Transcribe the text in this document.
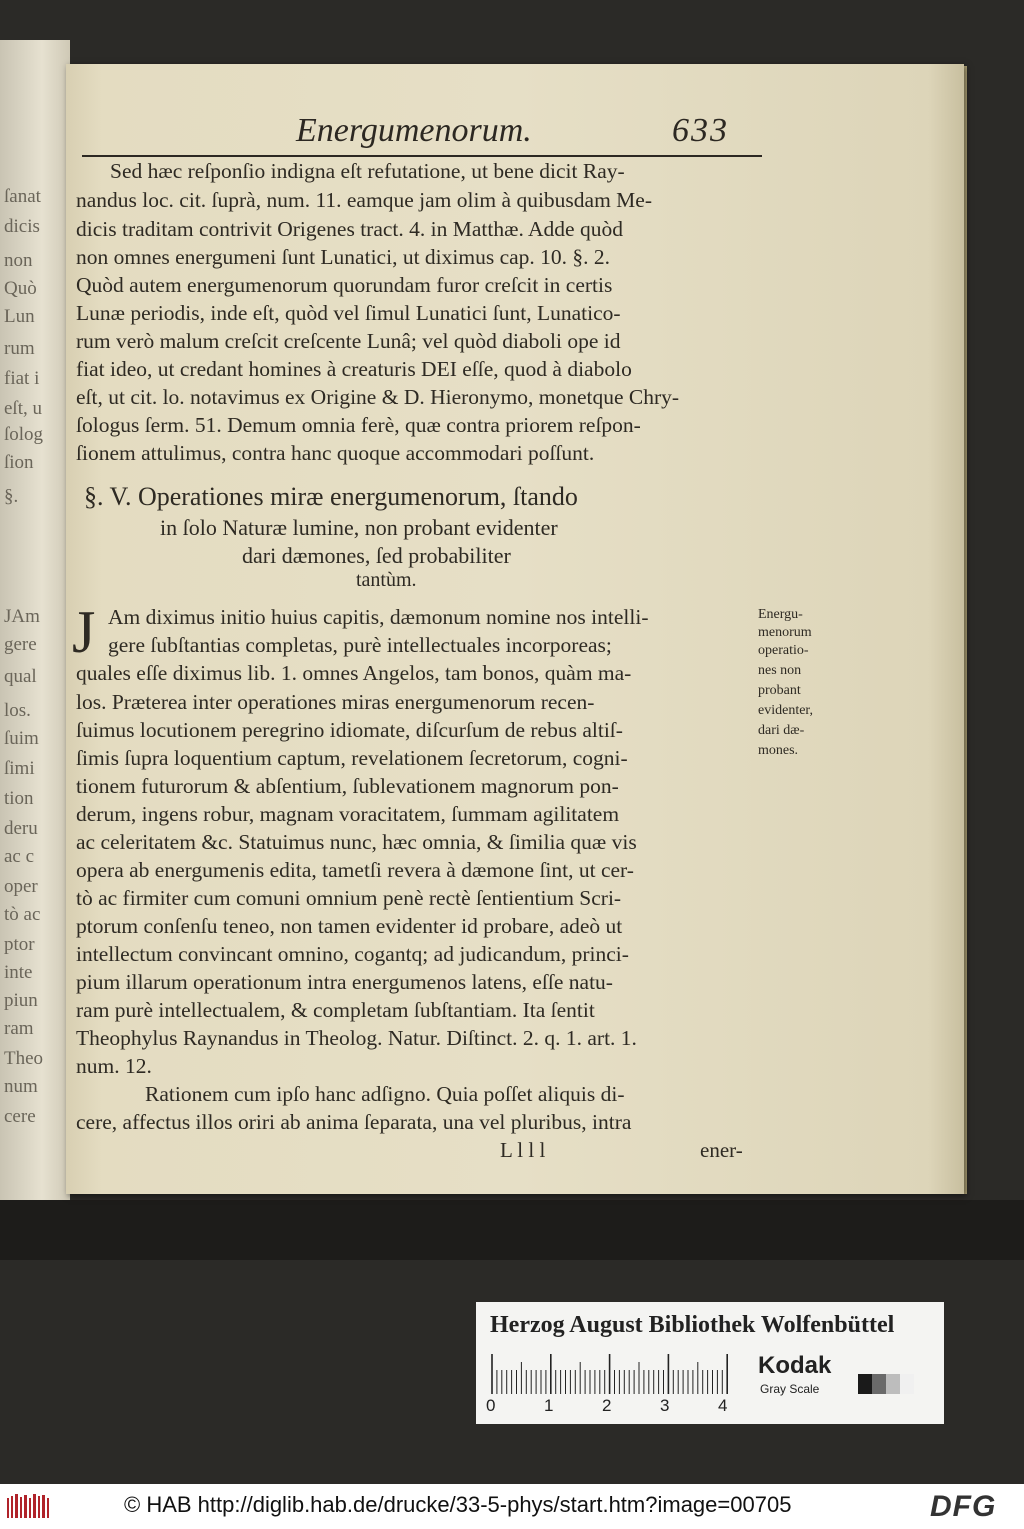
Energumenorum.	633
Sed hæc reſponſio indigna eſt refutatione, ut bene dicit Ray-
nandus loc. cit. ſuprà, num. 11. eamque jam olim à quibusdam Me-
dicis traditam contrivit Origenes tract. 4. in Matthæ. Adde quòd
non omnes energumeni ſunt Lunatici, ut diximus cap. 10. §. 2.
Quòd autem energumenorum quorundam furor creſcit in certis
Lunæ periodis, inde eſt, quòd vel ſimul Lunatici ſunt, Lunatico-
rum verò malum creſcit creſcente Lunâ; vel quòd diaboli ope id
fiat ideo, ut credant homines à creaturis DEI eſſe, quod à diabolo
eſt, ut cit. lo. notavimus ex Origine & D. Hieronymo, monetque Chry-
ſologus ſerm. 51. Demum omnia ferè, quæ contra priorem reſpon-
ſionem attulimus, contra hanc quoque accommodari poſſunt.
§. V. Operationes miræ energumenorum, ſtando
in ſolo Naturæ lumine, non probant evidenter
dari dæmones, ſed probabiliter
tantùm.
J Am diximus initio huius capitis, dæmonum nomine nos intelli-
gere ſubſtantias completas, purè intellectuales incorporeas;
quales eſſe diximus lib. 1. omnes Angelos, tam bonos, quàm ma-
los. Præterea inter operationes miras energumenorum recen-
ſuimus locutionem peregrino idiomate, diſcurſum de rebus altiſ-
ſimis ſupra loquentium captum, revelationem ſecretorum, cogni-
tionem futurorum & abſentium, ſublevationem magnorum pon-
derum, ingens robur, magnam voracitatem, ſummam agilitatem
ac celeritatem &c. Statuimus nunc, hæc omnia, & ſimilia quæ vis
opera ab energumenis edita, tametſi revera à dæmone ſint, ut cer-
tò ac firmiter cum comuni omnium penè rectè ſentientium Scri-
ptorum conſenſu teneo, non tamen evidenter id probare, adeò ut
intellectum convincant omnino, cogantq; ad judicandum, princi-
pium illarum operationum intra energumenos latens, eſſe natu-
ram purè intellectualem, & completam ſubſtantiam. Ita ſentit
Theophylus Raynandus in Theolog. Natur. Diſtinct. 2. q. 1. art. 1.
num. 12.
Rationem cum ipſo hanc adſigno. Quia poſſet aliquis di-
cere, affectus illos oriri ab anima ſeparata, una vel pluribus, intra
L l l l	ener-
Energu-
menorum
operatio-
nes non
probant
evidenter,
dari dæ-
mones.
Herzog August Bibliothek Wolfenbüttel
0	1	2	3	4
Kodak
Gray Scale
© HAB http://diglib.hab.de/drucke/33-5-phys/start.htm?image=00705	DFG
ſanat
dicis
non
Quò
Lun
rum
fiat i
eſt, u
ſolog
ſion
§.
JAm
gere
qual
los.
ſuim
ſimi
tion
deru
ac c
oper
tò ac
ptor
inte
piun
ram
Theo
num
cere
